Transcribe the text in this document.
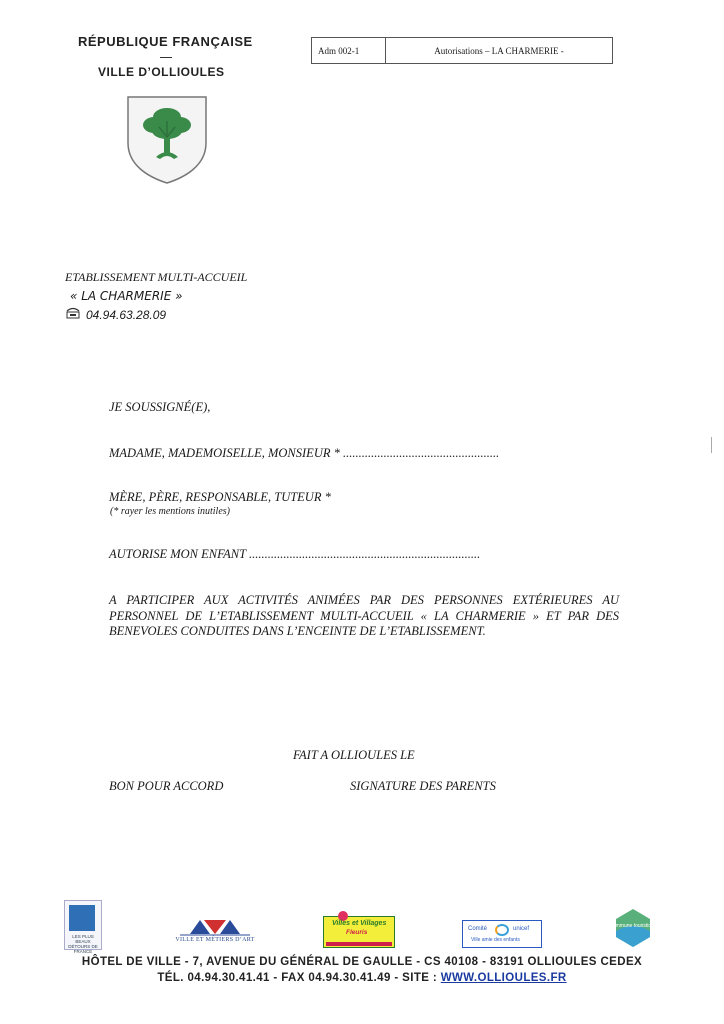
RÉPUBLIQUE FRANÇAISE
VILLE D’OLLIOULES
Adm 002-1	Autorisations – LA CHARMERIE -
ETABLISSEMENT MULTI-ACCUEIL
« LA CHARMERIE »
04.94.63.28.09
JE SOUSSIGNÉ(E),
MADAME, MADEMOISELLE, MONSIEUR * ..................................................
MÈRE, PÈRE, RESPONSABLE, TUTEUR *
(* rayer les mentions inutiles)
AUTORISE MON ENFANT ..........................................................................
A PARTICIPER AUX ACTIVITÉS ANIMÉES PAR DES PERSONNES EXTÉRIEURES AU PERSONNEL DE L’ETABLISSEMENT MULTI-ACCUEIL « LA CHARMERIE » ET PAR DES BENEVOLES CONDUITES DANS L’ENCEINTE DE L’ETABLISSEMENT.
FAIT A OLLIOULES LE
BON POUR ACCORD	SIGNATURE DES PARENTS
LES PLUS BEAUX DÉTOURS DE FRANCE
VILLE ET MÉTIERS D’ART
Villes et Villages
Fleuris	Comité	unicef
Ville amie des enfants
Commune touristique
HÔTEL DE VILLE - 7, AVENUE DU GÉNÉRAL DE GAULLE - CS 40108 - 83191 OLLIOULES CEDEX
TÉL. 04.94.30.41.41 - FAX 04.94.30.41.49 - SITE : WWW.OLLIOULES.FR
